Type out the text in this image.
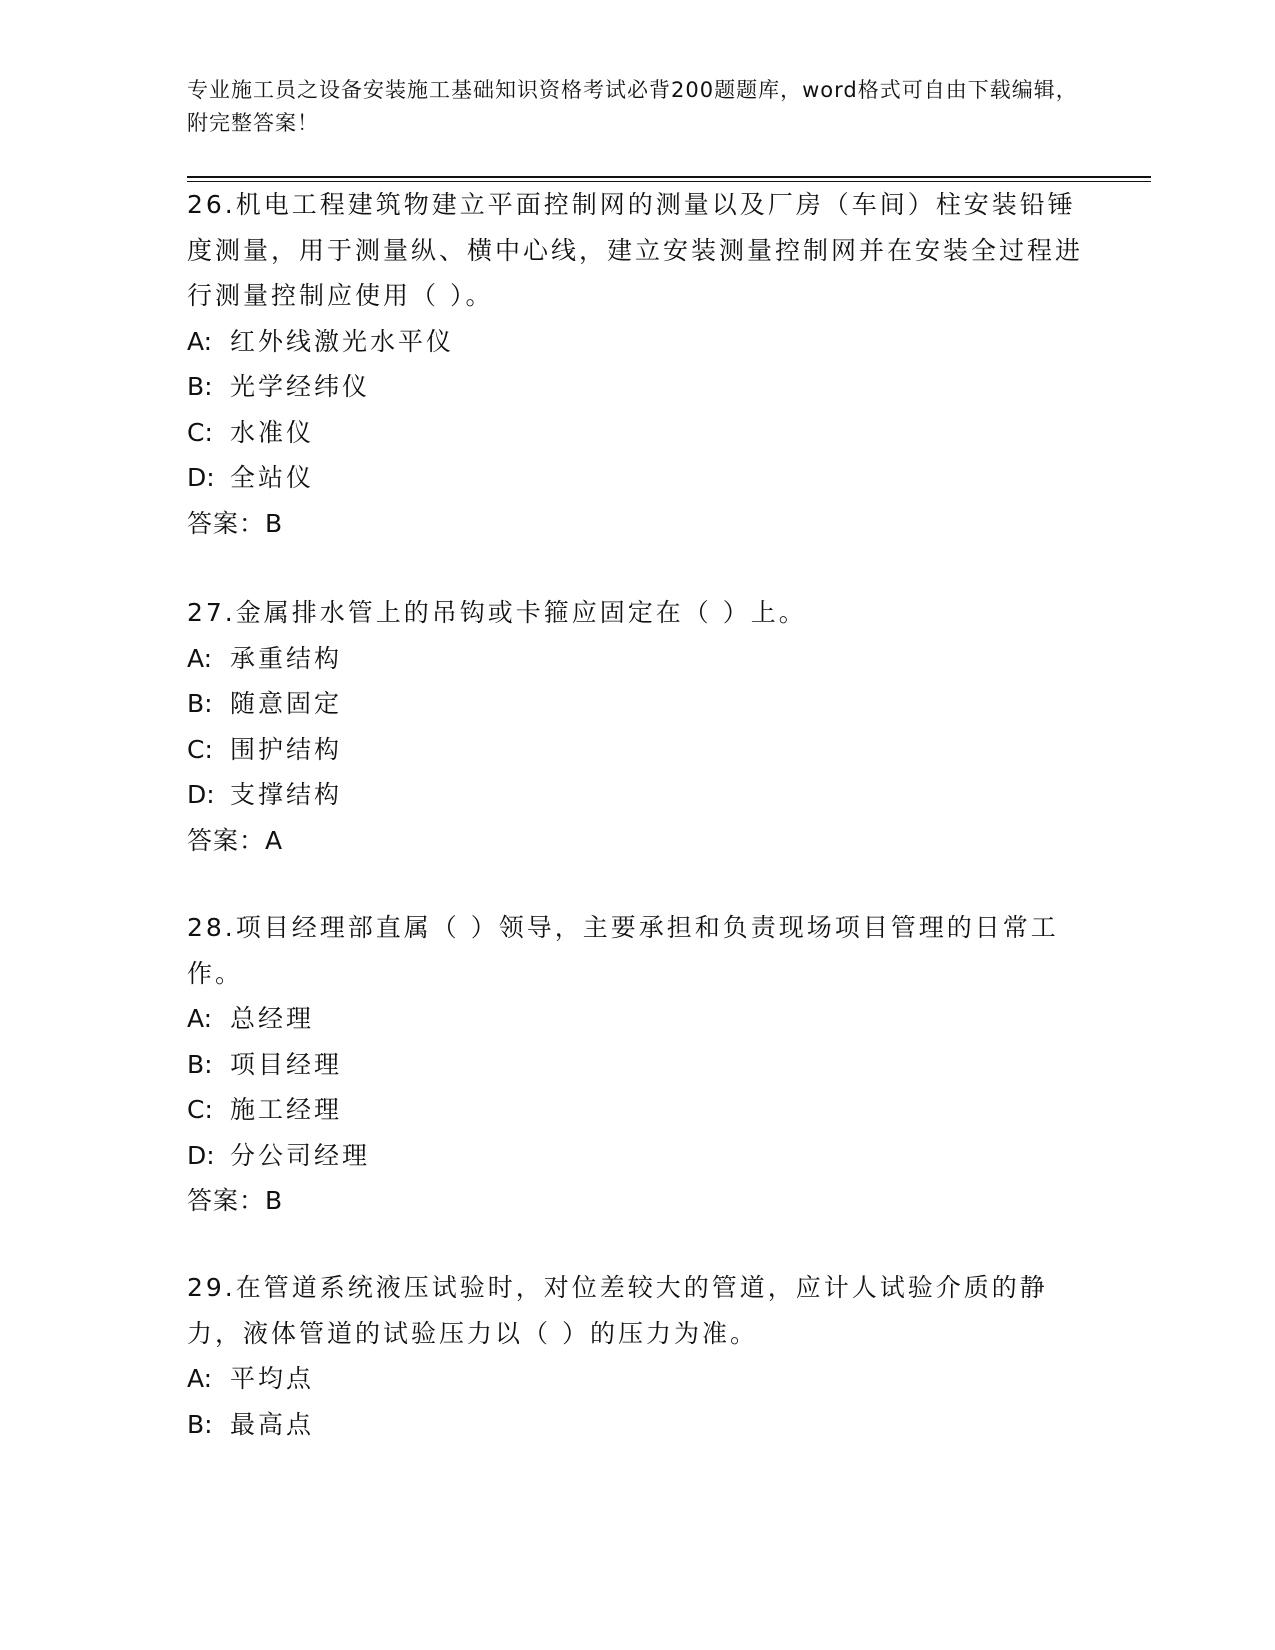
专业施工员之设备安装施工基础知识资格考试必背200题题库，word格式可自由下载编辑，附完整答案！

26.机电工程建筑物建立平面控制网的测量以及厂房（车间）柱安装铅锤度测量，用于测量纵、横中心线，建立安装测量控制网并在安装全过程进行测量控制应使用（ ）。

A: 红外线激光水平仪

B: 光学经纬仪

C: 水准仪

D: 全站仪

答案：B

27.金属排水管上的吊钩或卡箍应固定在（ ）上。

A: 承重结构

B: 随意固定

C: 围护结构

D: 支撑结构

答案：A

28.项目经理部直属（ ）领导，主要承担和负责现场项目管理的日常工作。

A: 总经理

B: 项目经理

C: 施工经理

D: 分公司经理

答案：B

29.在管道系统液压试验时，对位差较大的管道，应计人试验介质的静力，液体管道的试验压力以（ ）的压力为准。

A: 平均点

B: 最高点
